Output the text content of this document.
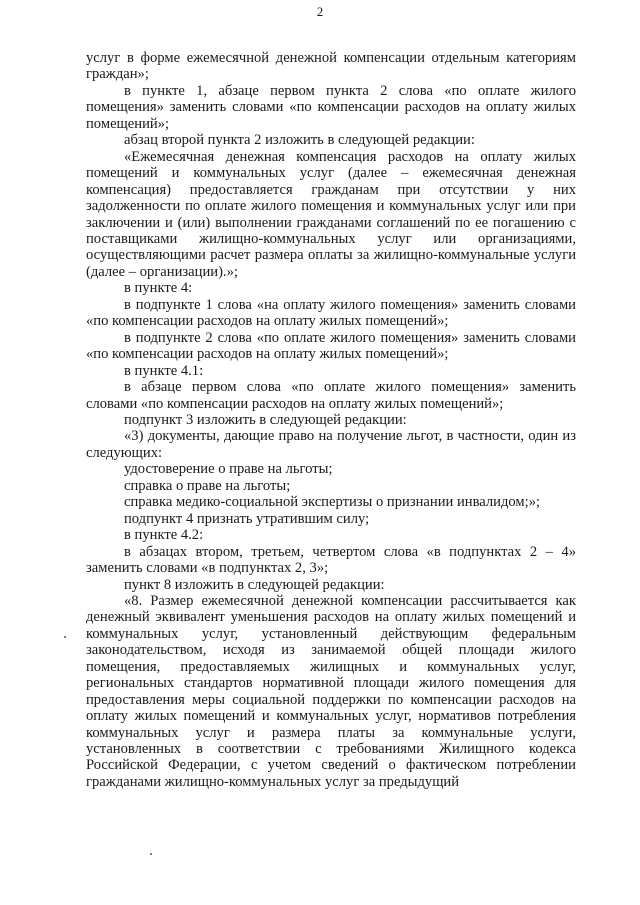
2

услуг в форме ежемесячной денежной компенсации отдельным категориям граждан»;

в пункте 1, абзаце первом пункта 2 слова «по оплате жилого помещения» заменить словами «по компенсации расходов на оплату жилых помещений»;

абзац второй пункта 2 изложить в следующей редакции:

«Ежемесячная денежная компенсация расходов на оплату жилых помещений и коммунальных услуг (далее – ежемесячная денежная компенсация) предоставляется гражданам при отсутствии у них задолженности по оплате жилого помещения и коммунальных услуг или при заключении и (или) выполнении гражданами соглашений по ее погашению с поставщиками жилищно-коммунальных услуг или организациями, осуществляющими расчет размера оплаты за жилищно-коммунальные услуги (далее – организации).»;

в пункте 4:

в подпункте 1 слова «на оплату жилого помещения» заменить словами «по компенсации расходов на оплату жилых помещений»;

в подпункте 2 слова «по оплате жилого помещения» заменить словами «по компенсации расходов на оплату жилых помещений»;

в пункте 4.1:

в абзаце первом слова «по оплате жилого помещения» заменить словами «по компенсации расходов на оплату жилых помещений»;

подпункт 3 изложить в следующей редакции:

«3) документы, дающие право на получение льгот, в частности, один из следующих:

удостоверение о праве на льготы;

справка о праве на льготы;

справка медико-социальной экспертизы о признании инвалидом;»;

подпункт 4 признать утратившим силу;

в пункте 4.2:

в абзацах втором, третьем, четвертом слова «в подпунктах 2 – 4» заменить словами «в подпунктах 2, 3»;

пункт 8 изложить в следующей редакции:

«8. Размер ежемесячной денежной компенсации рассчитывается как денежный эквивалент уменьшения расходов на оплату жилых помещений и коммунальных услуг, установленный действующим федеральным законодательством, исходя из занимаемой общей площади жилого помещения, предоставляемых жилищных и коммунальных услуг, региональных стандартов нормативной площади жилого помещения для предоставления меры социальной поддержки по компенсации расходов на оплату жилых помещений и коммунальных услуг, нормативов потребления коммунальных услуг и размера платы за коммунальные услуги, установленных в соответствии с требованиями Жилищного кодекса Российской Федерации, с учетом сведений о фактическом потреблении гражданами жилищно-коммунальных услуг за предыдущий
